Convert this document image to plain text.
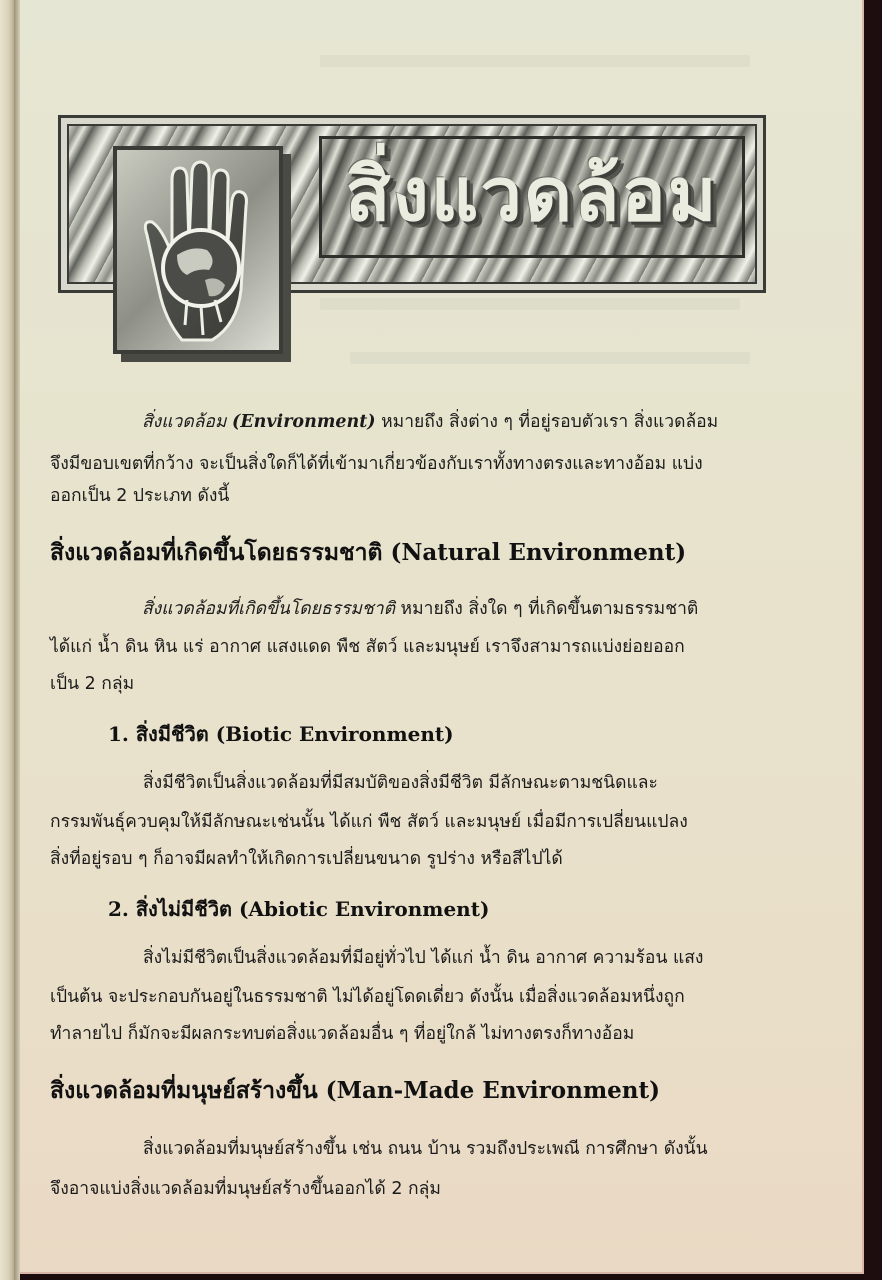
สิ่งแวดล้อม
สิ่งแวดล้อม (Environment) หมายถึง สิ่งต่าง ๆ ที่อยู่รอบตัวเรา สิ่งแวดล้อม
จึงมีขอบเขตที่กว้าง จะเป็นสิ่งใดก็ได้ที่เข้ามาเกี่ยวข้องกับเราทั้งทางตรงและทางอ้อม แบ่ง
ออกเป็น 2 ประเภท ดังนี้
สิ่งแวดล้อมที่เกิดขึ้นโดยธรรมชาติ (Natural Environment)
สิ่งแวดล้อมที่เกิดขึ้นโดยธรรมชาติ หมายถึง สิ่งใด ๆ ที่เกิดขึ้นตามธรรมชาติ
ได้แก่ น้ำ ดิน หิน แร่ อากาศ แสงแดด พืช สัตว์ และมนุษย์ เราจึงสามารถแบ่งย่อยออก
เป็น 2 กลุ่ม
1. สิ่งมีชีวิต (Biotic Environment)
สิ่งมีชีวิตเป็นสิ่งแวดล้อมที่มีสมบัติของสิ่งมีชีวิต มีลักษณะตามชนิดและ
กรรมพันธุ์ควบคุมให้มีลักษณะเช่นนั้น ได้แก่ พืช สัตว์ และมนุษย์ เมื่อมีการเปลี่ยนแปลง
สิ่งที่อยู่รอบ ๆ ก็อาจมีผลทำให้เกิดการเปลี่ยนขนาด รูปร่าง หรือสีไปได้
2. สิ่งไม่มีชีวิต (Abiotic Environment)
สิ่งไม่มีชีวิตเป็นสิ่งแวดล้อมที่มีอยู่ทั่วไป ได้แก่ น้ำ ดิน อากาศ ความร้อน แสง
เป็นต้น จะประกอบกันอยู่ในธรรมชาติ ไม่ได้อยู่โดดเดี่ยว ดังนั้น เมื่อสิ่งแวดล้อมหนึ่งถูก
ทำลายไป ก็มักจะมีผลกระทบต่อสิ่งแวดล้อมอื่น ๆ ที่อยู่ใกล้ ไม่ทางตรงก็ทางอ้อม
สิ่งแวดล้อมที่มนุษย์สร้างขึ้น (Man-Made Environment)
สิ่งแวดล้อมที่มนุษย์สร้างขึ้น เช่น ถนน บ้าน รวมถึงประเพณี การศึกษา ดังนั้น
จึงอาจแบ่งสิ่งแวดล้อมที่มนุษย์สร้างขึ้นออกได้ 2 กลุ่ม
